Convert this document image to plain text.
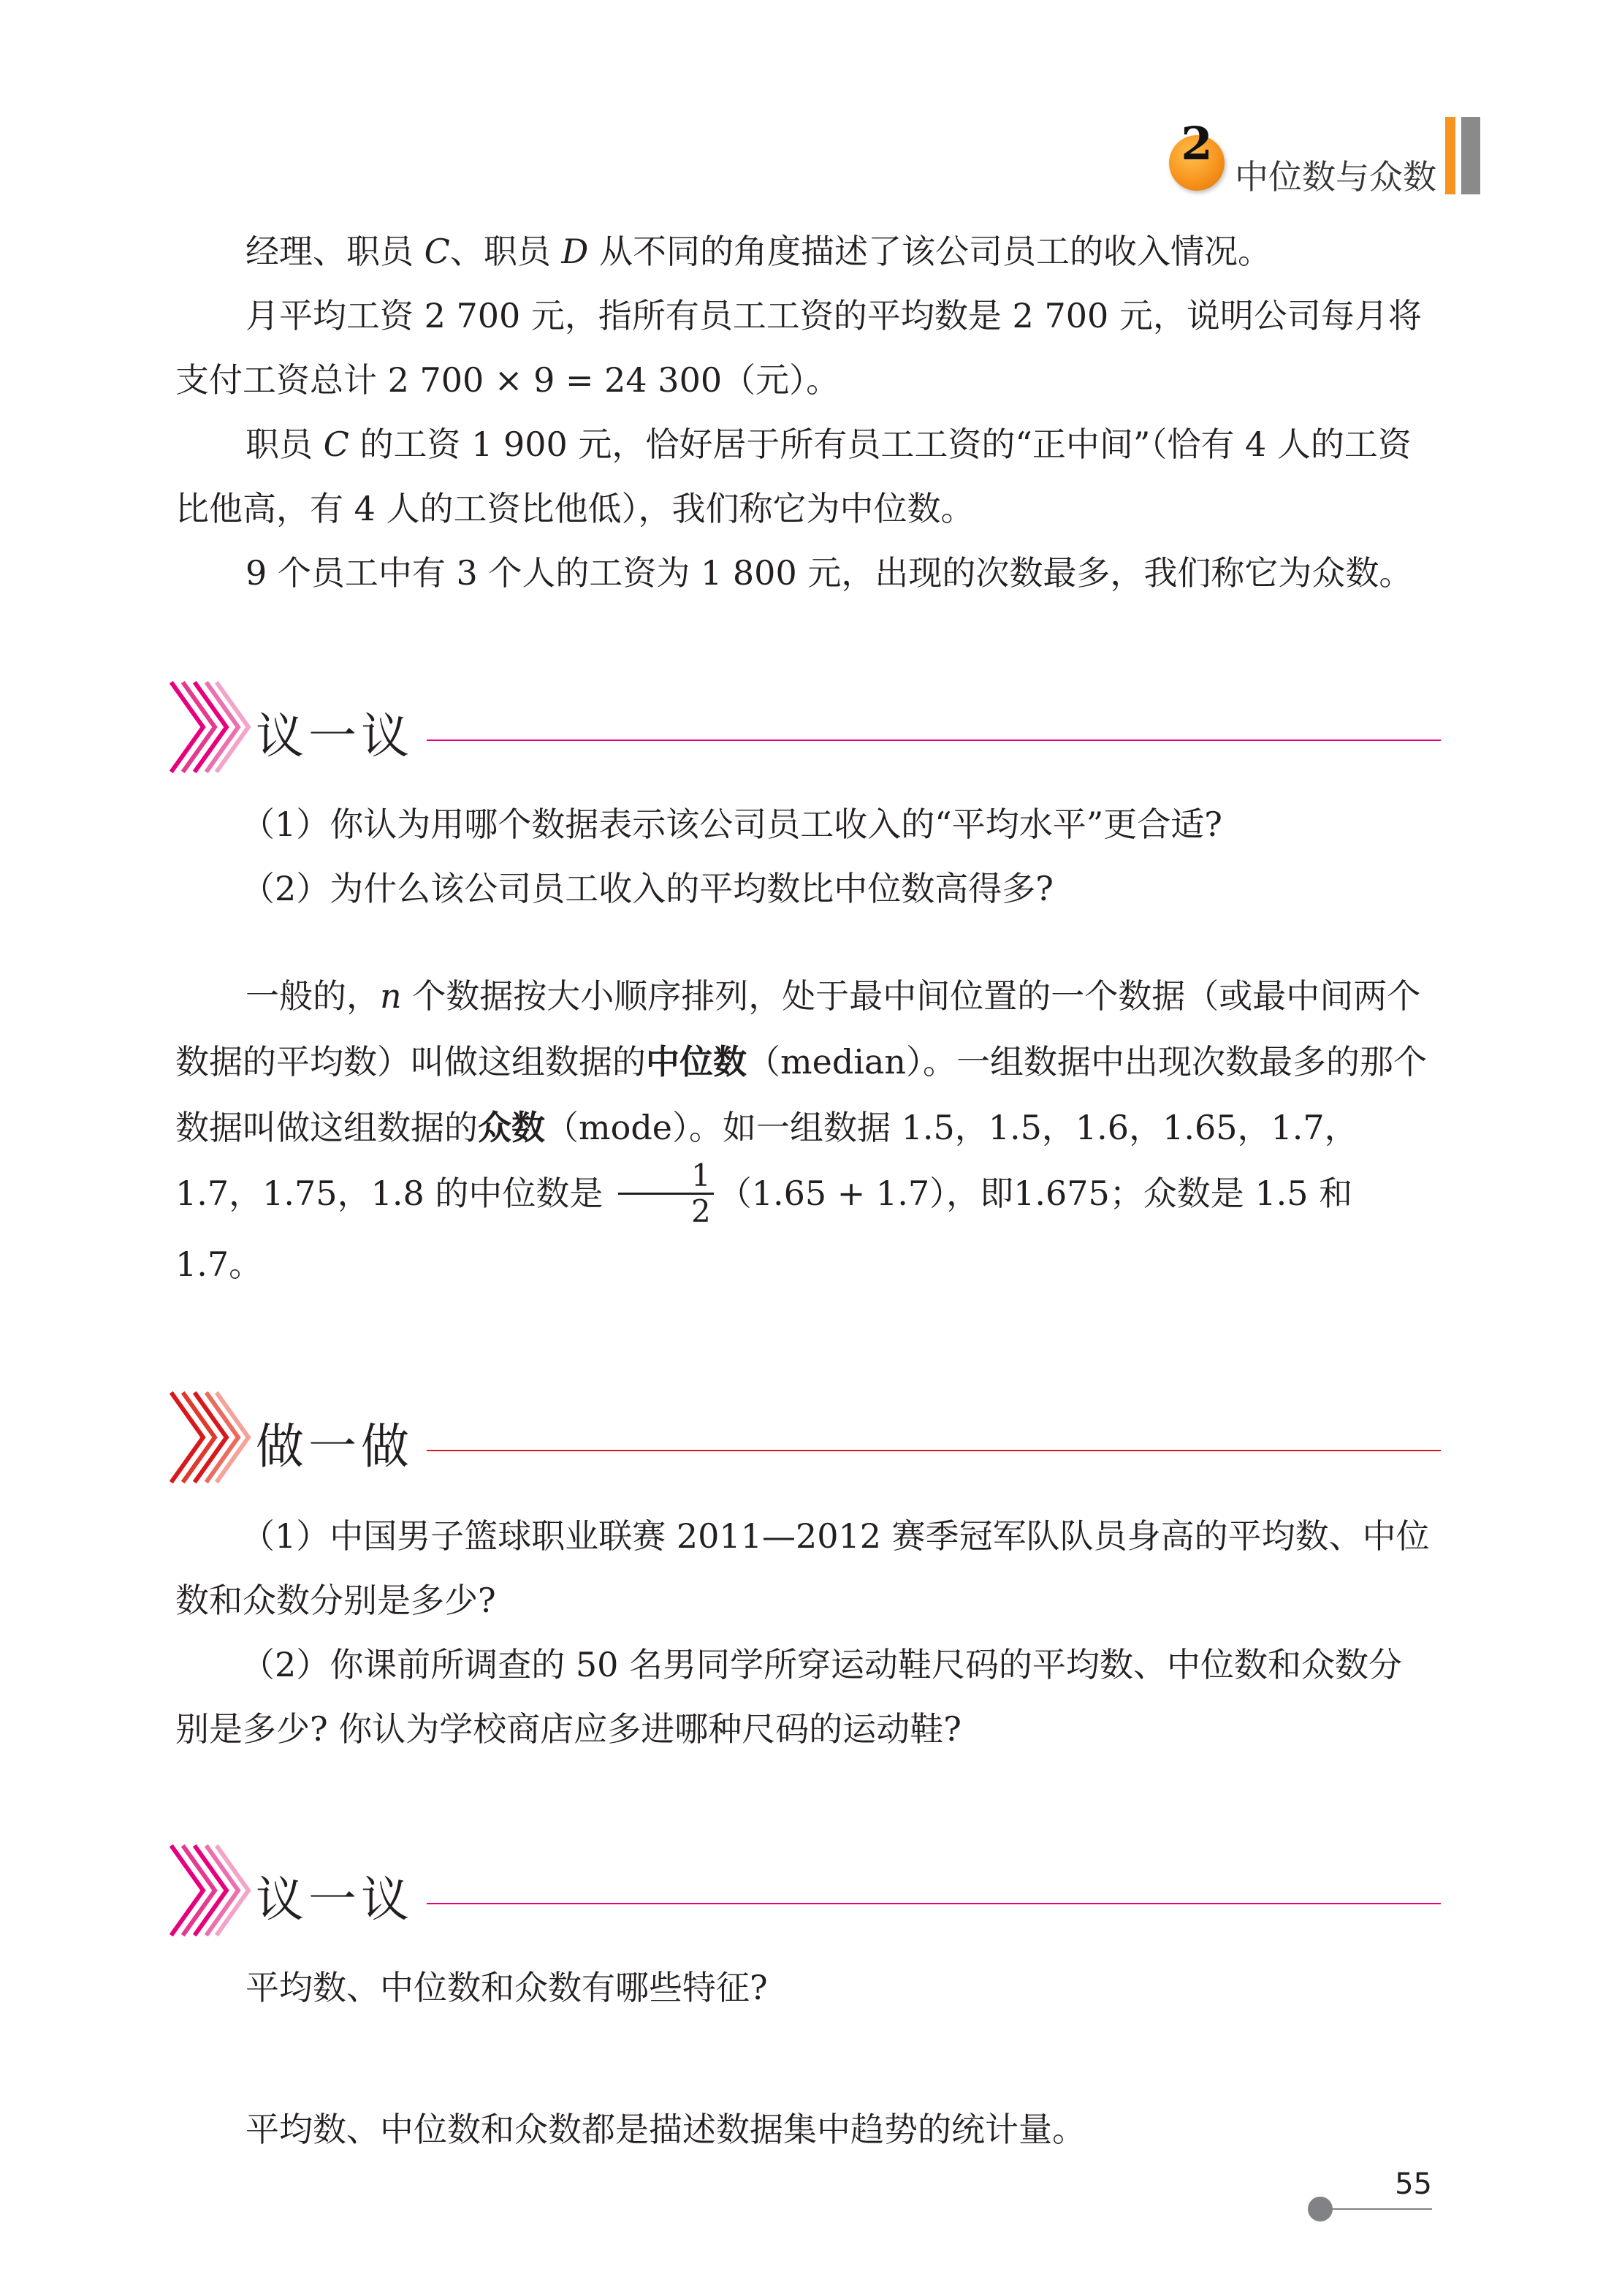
2
中位数与众数

经理、职员 C、职员 D 从不同的角度描述了该公司员工的收入情况。

月平均工资 2 700 元，指所有员工工资的平均数是 2 700 元，说明公司每月将支付工资总计 2 700 × 9 = 24 300（元）。

职员 C 的工资 1 900 元，恰好居于所有员工工资的“正中间”（恰有 4 人的工资比他高，有 4 人的工资比他低），我们称它为中位数。

9 个员工中有 3 个人的工资为 1 800 元，出现的次数最多，我们称它为众数。

议一议

（1）你认为用哪个数据表示该公司员工收入的“平均水平”更合适?

（2）为什么该公司员工收入的平均数比中位数高得多?

一般的，n 个数据按大小顺序排列，处于最中间位置的一个数据（或最中间两个数据的平均数）叫做这组数据的中位数（median）。一组数据中出现次数最多的那个数据叫做这组数据的众数（mode）。如一组数据 1.5，1.5，1.6，1.65，1.7，1.7，1.75，1.8 的中位数是 $\frac{1}{2} (1.65 + 1.7)$，即1.675；众数是 1.5 和 1.7。

做一做

（1）中国男子篮球职业联赛 2011—2012 赛季冠军队队员身高的平均数、中位数和众数分别是多少?

（2）你课前所调查的 50 名男同学所穿运动鞋尺码的平均数、中位数和众数分别是多少? 你认为学校商店应多进哪种尺码的运动鞋?

议一议

平均数、中位数和众数有哪些特征?

平均数、中位数和众数都是描述数据集中趋势的统计量。

55
